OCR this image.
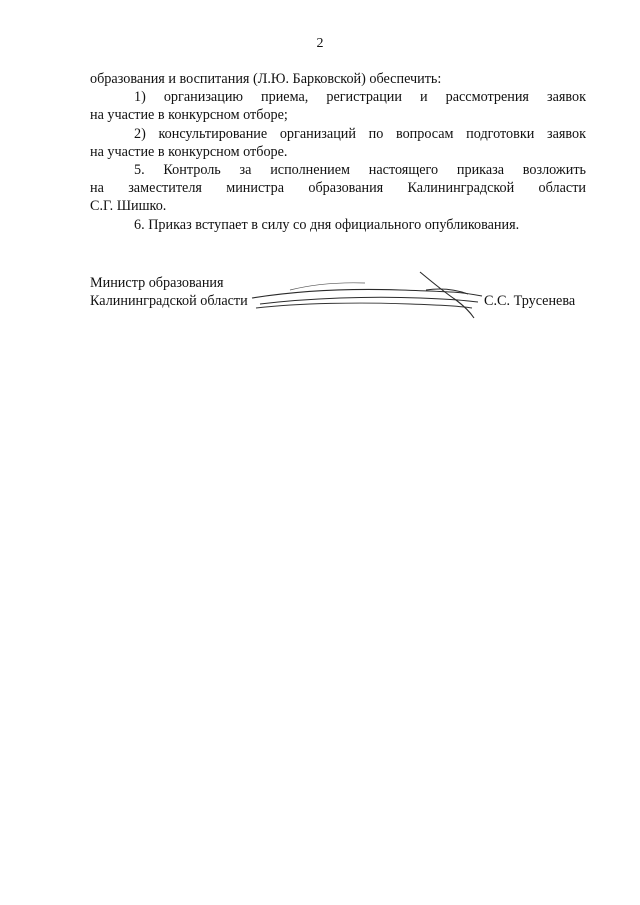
2
образования и воспитания (Л.Ю. Барковской) обеспечить:
1) организацию приема, регистрации и рассмотрения заявок
на участие в конкурсном отборе;
2) консультирование организаций по вопросам подготовки заявок
на участие в конкурсном отборе.
5. Контроль за исполнением настоящего приказа возложить
на заместителя министра образования Калининградской области
С.Г. Шишко.
6. Приказ вступает в силу со дня официального опубликования.
Министр образования
Калининградской области	С.С. Трусенева
